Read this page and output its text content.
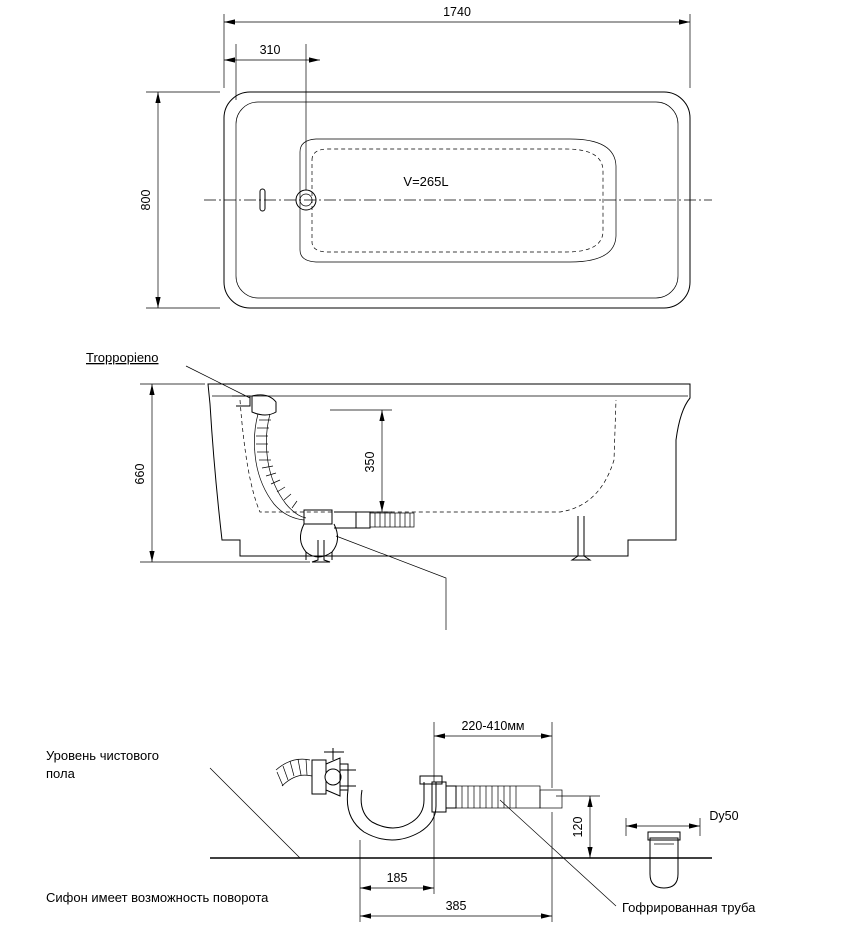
V=265L
1740
310
800
Troppopieno
660
350
Dy50
220-410мм
120
185
385
Уровень чистового пола
Сифон имеет возможность поворота
Гофрированная труба
